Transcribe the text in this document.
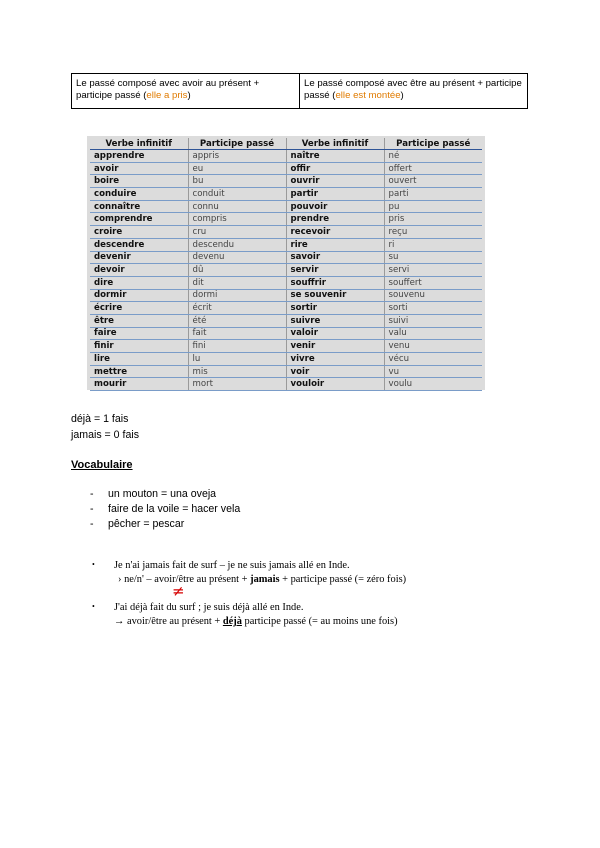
Le passé composé avec avoir au présent + participe passé (elle a pris)
Le passé composé avec être au présent + participe passé (elle est montée)
Verbe infinitif	Participe passé	Verbe infinitif	Participe passé
apprendre	appris	naître	né
avoir	eu	offir	offert
boire	bu	ouvrir	ouvert
conduire	conduit	partir	parti
connaître	connu	pouvoir	pu
comprendre	compris	prendre	pris
croire	cru	recevoir	reçu
descendre	descendu	rire	ri
devenir	devenu	savoir	su
devoir	dû	servir	servi
dire	dit	souffrir	souffert
dormir	dormi	se souvenir	souvenu
écrire	écrit	sortir	sorti
être	été	suivre	suivi
faire	fait	valoir	valu
finir	fini	venir	venu
lire	lu	vivre	vécu
mettre	mis	voir	vu
mourir	mort	vouloir	voulu
déjà = 1 fais
jamais = 0 fais
Vocabulaire
- un mouton = una oveja
- faire de la voile = hacer vela
- pêcher = pescar
• Je n'ai jamais fait de surf – je ne suis jamais allé en Inde.
› ne/n' – avoir/être au présent + jamais + participe passé (= zéro fois)
≠
• J'ai déjà fait du surf ; je suis déjà allé en Inde.
→ avoir/être au présent + déjà participe passé (= au moins une fois)
